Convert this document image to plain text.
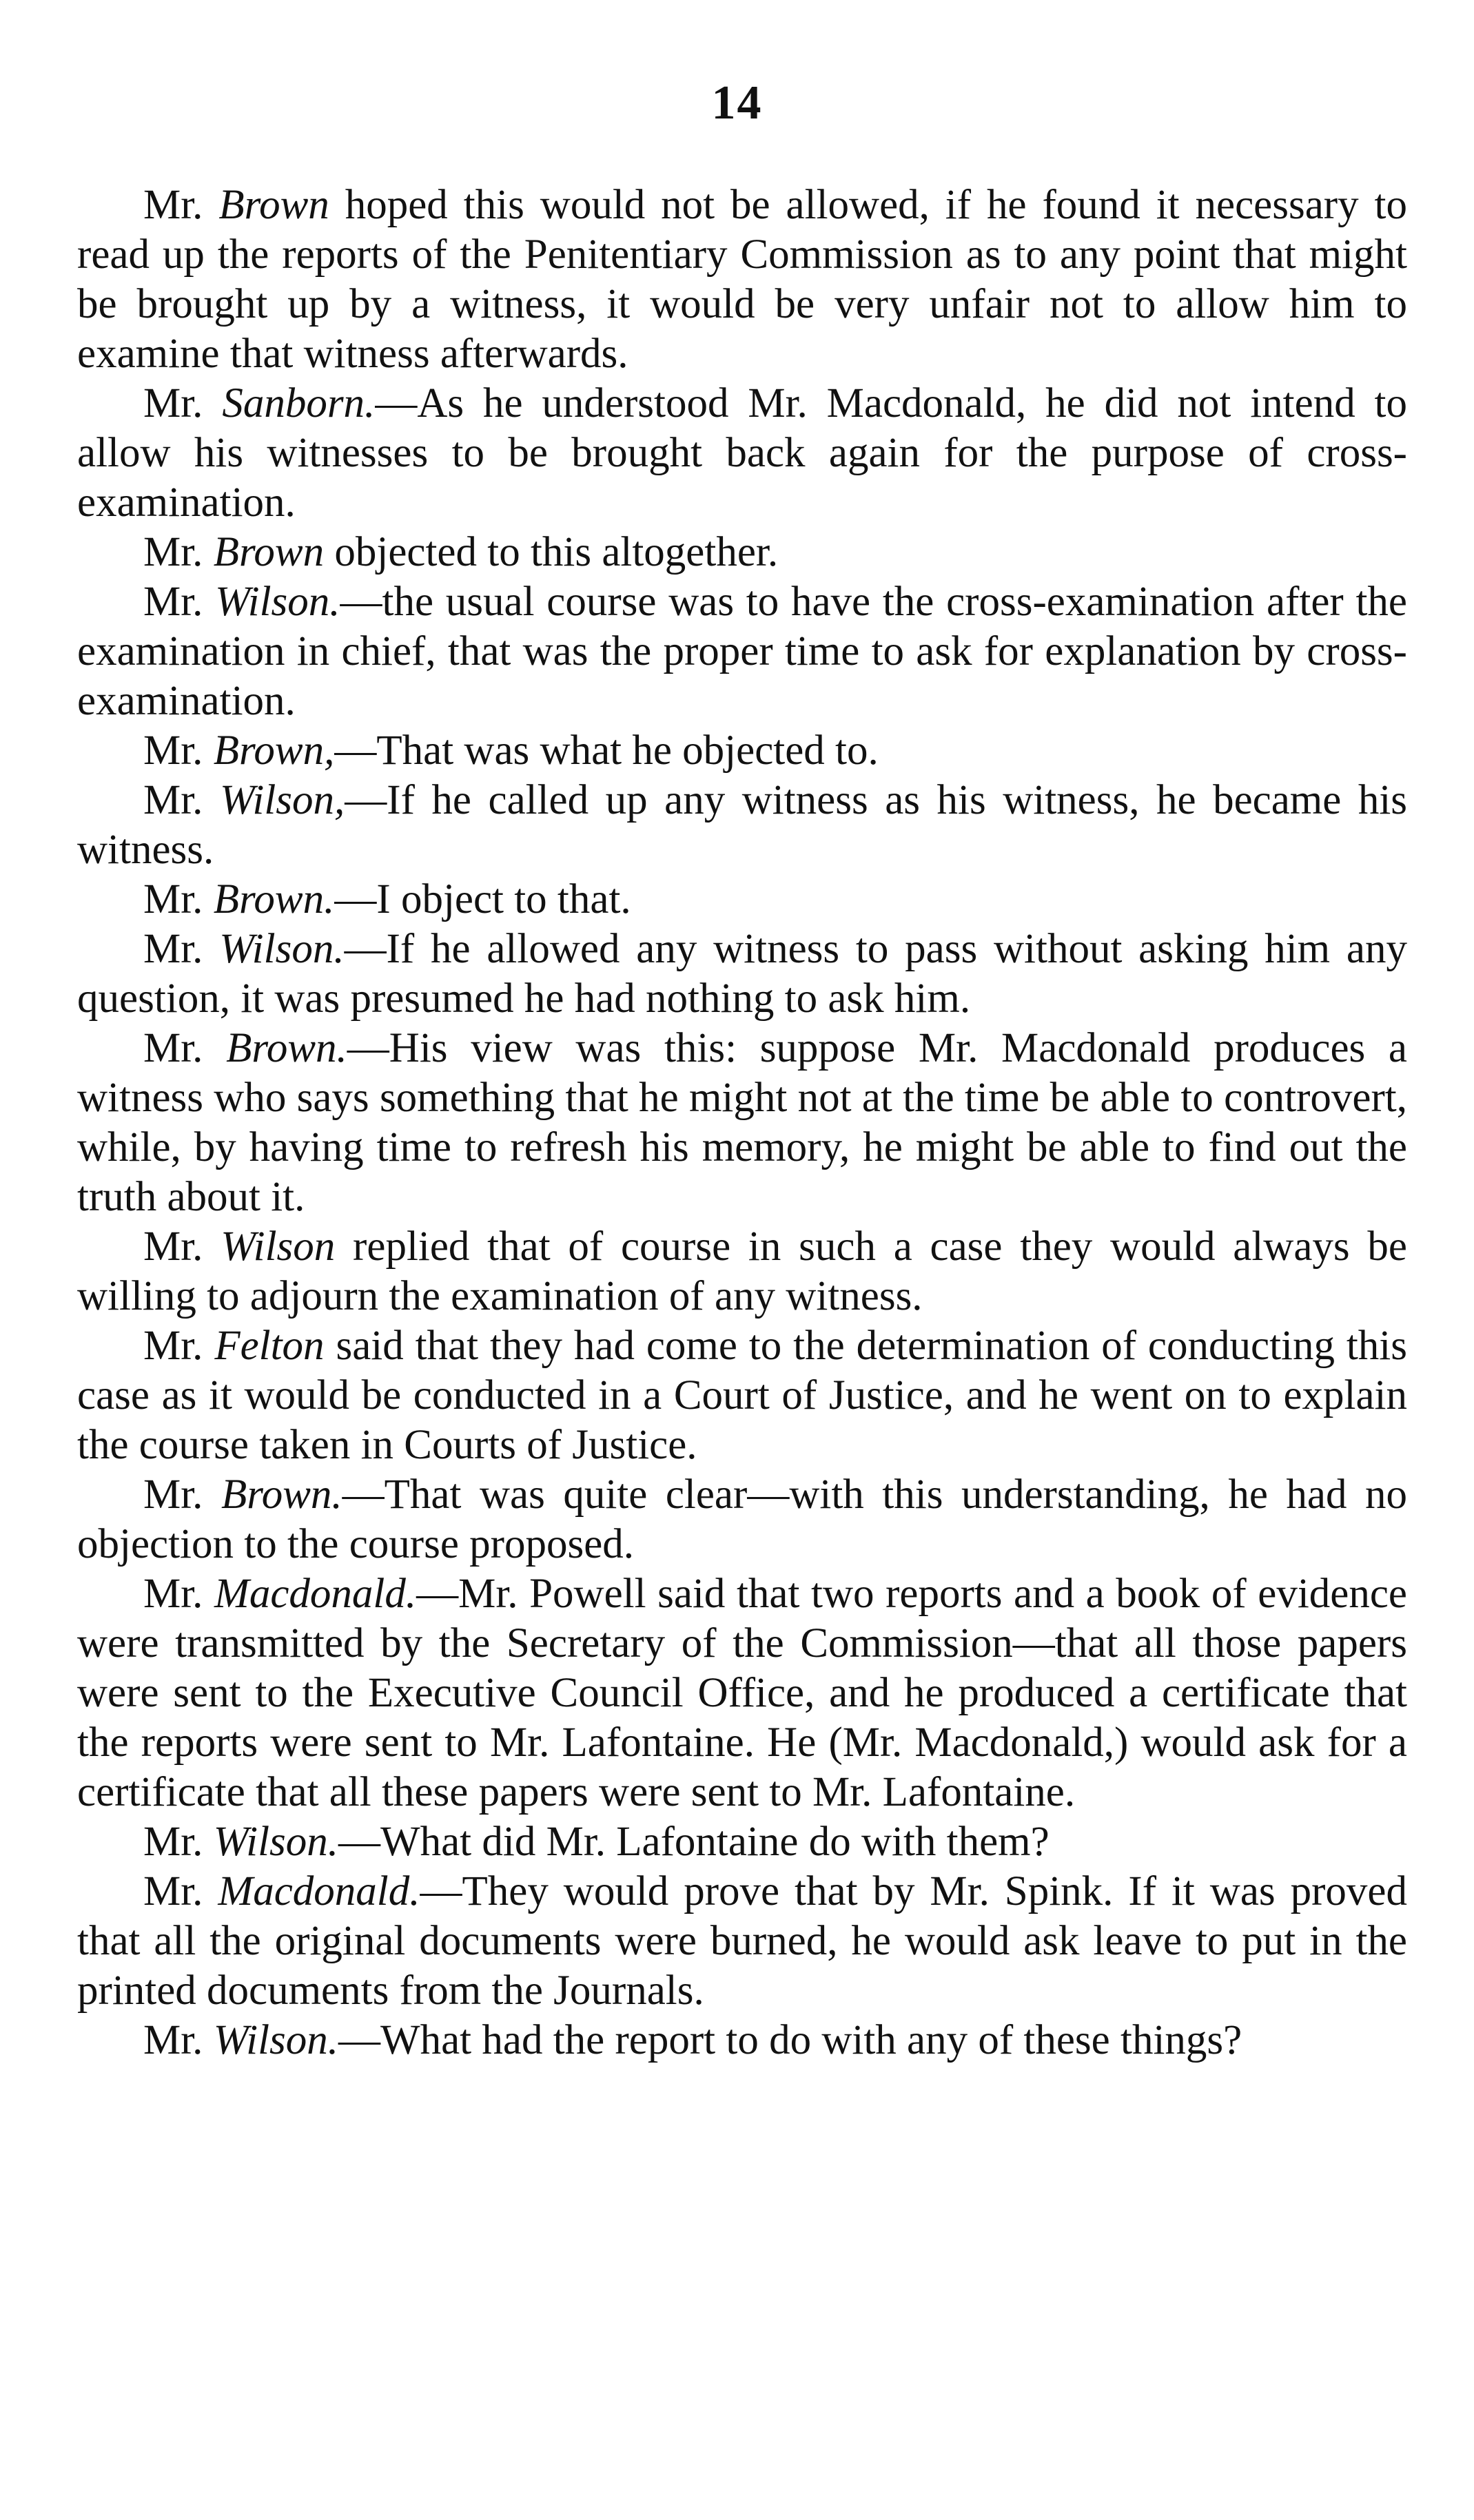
14

Mr. Brown hoped this would not be allowed, if he found it necessary to read up the reports of the Penitentiary Commission as to any point that might be brought up by a witness, it would be very unfair not to allow him to examine that witness afterwards.

Mr. Sanborn.—As he understood Mr. Macdonald, he did not intend to allow his witnesses to be brought back again for the purpose of cross-examination.

Mr. Brown objected to this altogether.

Mr. Wilson.—the usual course was to have the cross-examination after the examination in chief, that was the proper time to ask for explanation by cross-examination.

Mr. Brown,—That was what he objected to.

Mr. Wilson,—If he called up any witness as his witness, he became his witness.

Mr. Brown.—I object to that.

Mr. Wilson.—If he allowed any witness to pass without asking him any question, it was presumed he had nothing to ask him.

Mr. Brown.—His view was this: suppose Mr. Macdonald produces a witness who says something that he might not at the time be able to controvert, while, by having time to refresh his memory, he might be able to find out the truth about it.

Mr. Wilson replied that of course in such a case they would always be willing to adjourn the examination of any witness.

Mr. Felton said that they had come to the determination of conducting this case as it would be conducted in a Court of Justice, and he went on to explain the course taken in Courts of Justice.

Mr. Brown.—That was quite clear—with this understanding, he had no objection to the course proposed.

Mr. Macdonald.—Mr. Powell said that two reports and a book of evidence were transmitted by the Secretary of the Commission—that all those papers were sent to the Executive Council Office, and he produced a certificate that the reports were sent to Mr. Lafontaine. He (Mr. Macdonald,) would ask for a certificate that all these papers were sent to Mr. Lafontaine.

Mr. Wilson.—What did Mr. Lafontaine do with them?

Mr. Macdonald.—They would prove that by Mr. Spink. If it was proved that all the original documents were burned, he would ask leave to put in the printed documents from the Journals.

Mr. Wilson.—What had the report to do with any of these things?
